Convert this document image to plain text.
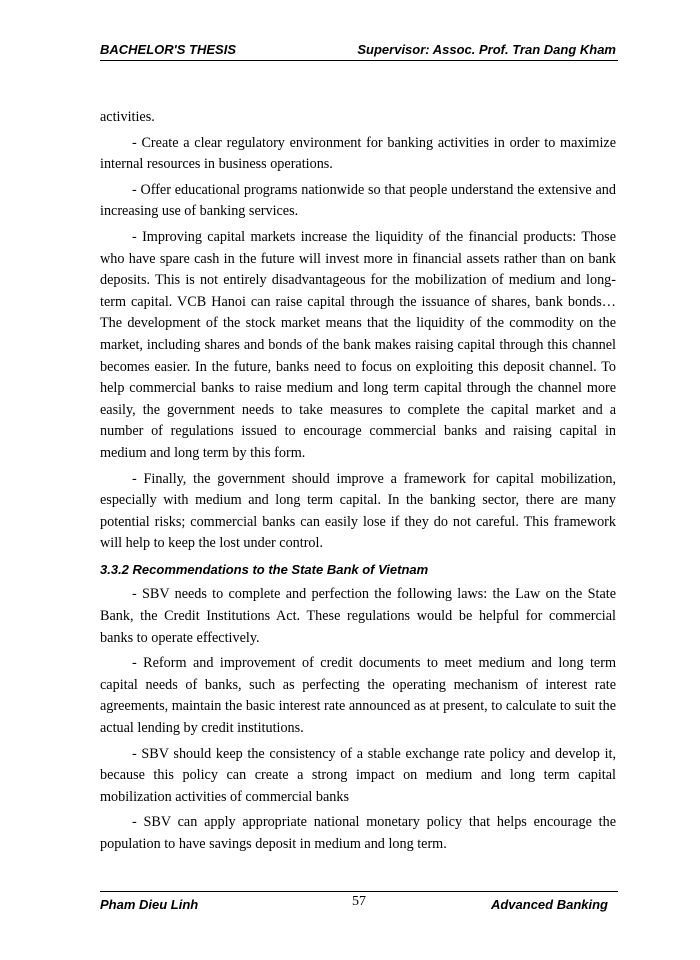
BACHELOR'S THESIS	Supervisor: Assoc. Prof. Tran Dang Kham

activities.

- Create a clear regulatory environment for banking activities in order to maximize internal resources in business operations.

- Offer educational programs nationwide so that people understand the extensive and increasing use of banking services.

- Improving capital markets increase the liquidity of the financial products: Those who have spare cash in the future will invest more in financial assets rather than on bank deposits. This is not entirely disadvantageous for the mobilization of medium and long-term capital. VCB Hanoi can raise capital through the issuance of shares, bank bonds… The development of the stock market means that the liquidity of the commodity on the market, including shares and bonds of the bank makes raising capital through this channel becomes easier. In the future, banks need to focus on exploiting this deposit channel. To help commercial banks to raise medium and long term capital through the channel more easily, the government needs to take measures to complete the capital market and a number of regulations issued to encourage commercial banks and raising capital in medium and long term by this form.

- Finally, the government should improve a framework for capital mobilization, especially with medium and long term capital. In the banking sector, there are many potential risks; commercial banks can easily lose if they do not careful. This framework will help to keep the lost under control.

3.3.2 Recommendations to the State Bank of Vietnam

- SBV needs to complete and perfection the following laws: the Law on the State Bank, the Credit Institutions Act. These regulations would be helpful for commercial banks to operate effectively.

- Reform and improvement of credit documents to meet medium and long term capital needs of banks, such as perfecting the operating mechanism of interest rate agreements, maintain the basic interest rate announced as at present, to calculate to suit the actual lending by credit institutions.

- SBV should keep the consistency of a stable exchange rate policy and develop it, because this policy can create a strong impact on medium and long term capital mobilization activities of commercial banks

- SBV can apply appropriate national monetary policy that helps encourage the population to have savings deposit in medium and long term.

Pham Dieu Linh	57	Advanced Banking
